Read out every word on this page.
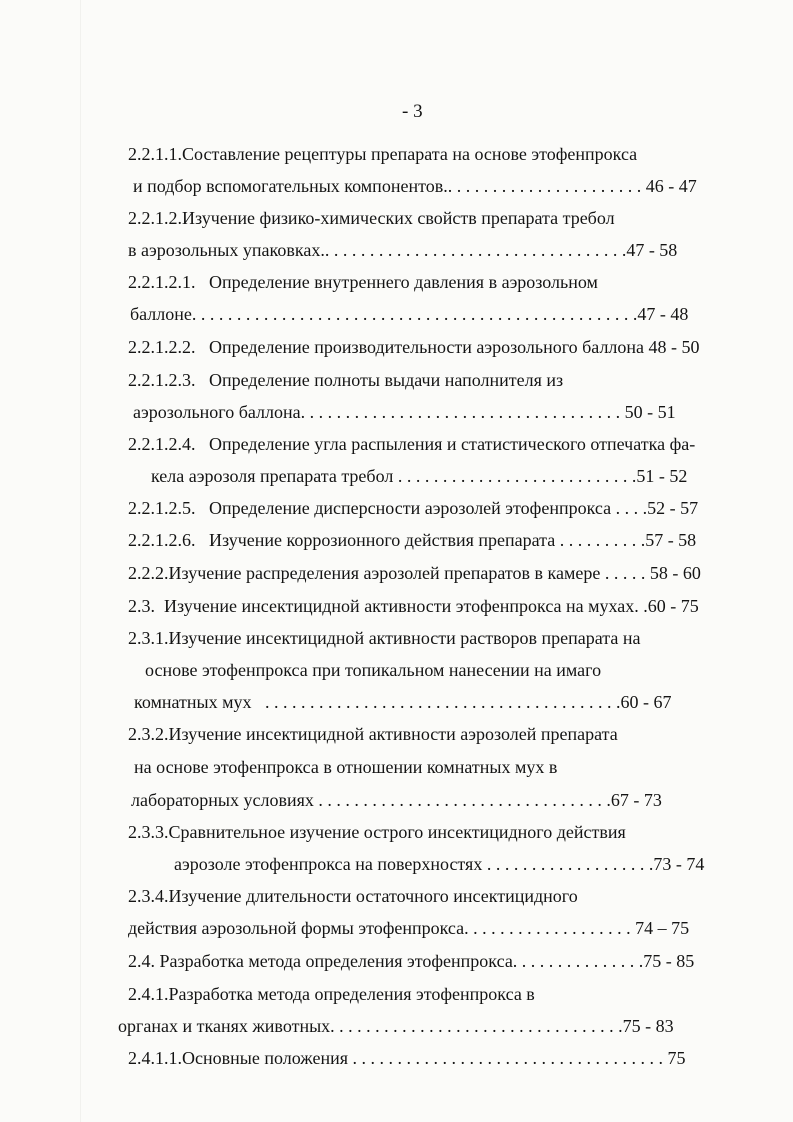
- 3
2.2.1.1.Составление рецептуры препарата на основе этофенпрокса
и подбор вспомогательных компонентов.. . . . . . . . . . . . . . . . . . . . . . 46 - 47
2.2.1.2.Изучение физико-химических свойств препарата требол
в аэрозольных упаковках.. . . . . . . . . . . . . . . . . . . . . . . . . . . . . . . . . .47 - 58
2.2.1.2.1.   Определение внутреннего давления в аэрозольном
баллоне. . . . . . . . . . . . . . . . . . . . . . . . . . . . . . . . . . . . . . . . . . . . . . . . . .47 - 48
2.2.1.2.2.   Определение производительности аэрозольного баллона 48 - 50
2.2.1.2.3.   Определение полноты выдачи наполнителя из
аэрозольного баллона. . . . . . . . . . . . . . . . . . . . . . . . . . . . . . . . . . . . 50 - 51
2.2.1.2.4.   Определение угла распыления и статистического отпечатка фа-
кела аэрозоля препарата требол . . . . . . . . . . . . . . . . . . . . . . . . . . .51 - 52
2.2.1.2.5.   Определение дисперсности аэрозолей этофенпрокса . . . .52 - 57
2.2.1.2.6.   Изучение коррозионного действия препарата . . . . . . . . . .57 - 58
2.2.2.Изучение распределения аэрозолей препаратов в камере . . . . . 58 - 60
2.3.  Изучение инсектицидной активности этофенпрокса на мухах. .60 - 75
2.3.1.Изучение инсектицидной активности растворов препарата на
основе этофенпрокса при топикальном нанесении на имаго
комнатных мух   . . . . . . . . . . . . . . . . . . . . . . . . . . . . . . . . . . . . . . . .60 - 67
2.3.2.Изучение инсектицидной активности аэрозолей препарата
на основе этофенпрокса в отношении комнатных мух в
лабораторных условиях . . . . . . . . . . . . . . . . . . . . . . . . . . . . . . . . .67 - 73
2.3.3.Сравнительное изучение острого инсектицидного действия
аэрозоле этофенпрокса на поверхностях . . . . . . . . . . . . . . . . . . .73 - 74
2.3.4.Изучение длительности остаточного инсектицидного
действия аэрозольной формы этофенпрокса. . . . . . . . . . . . . . . . . . . 74 – 75
2.4. Разработка метода определения этофенпрокса. . . . . . . . . . . . . . .75 - 85
2.4.1.Разработка метода определения этофенпрокса в
органах и тканях животных. . . . . . . . . . . . . . . . . . . . . . . . . . . . . . . . .75 - 83
2.4.1.1.Основные положения . . . . . . . . . . . . . . . . . . . . . . . . . . . . . . . . . . . 75
